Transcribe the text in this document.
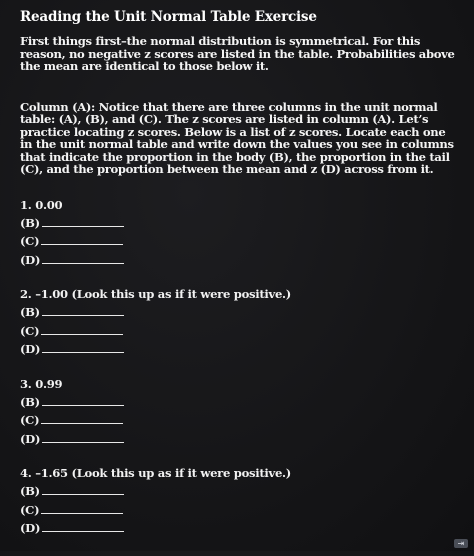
Reading the Unit Normal Table Exercise

First things first–the normal distribution is symmetrical. For this reason, no negative z scores are listed in the table. Probabilities above the mean are identical to those below it.

Column (A): Notice that there are three columns in the unit normal table: (A), (B), and (C). The z scores are listed in column (A). Let’s practice locating z scores. Below is a list of z scores. Locate each one in the unit normal table and write down the values you see in columns that indicate the proportion in the body (B), the proportion in the tail (C), and the proportion between the mean and z (D) across from it.

1. 0.00
(B)
(C)
(D)
2. –1.00 (Look this up as if it were positive.)
(B)
(C)
(D)
3. 0.99
(B)
(C)
(D)
4. –1.65 (Look this up as if it were positive.)
(B)
(C)
(D)
⇥
